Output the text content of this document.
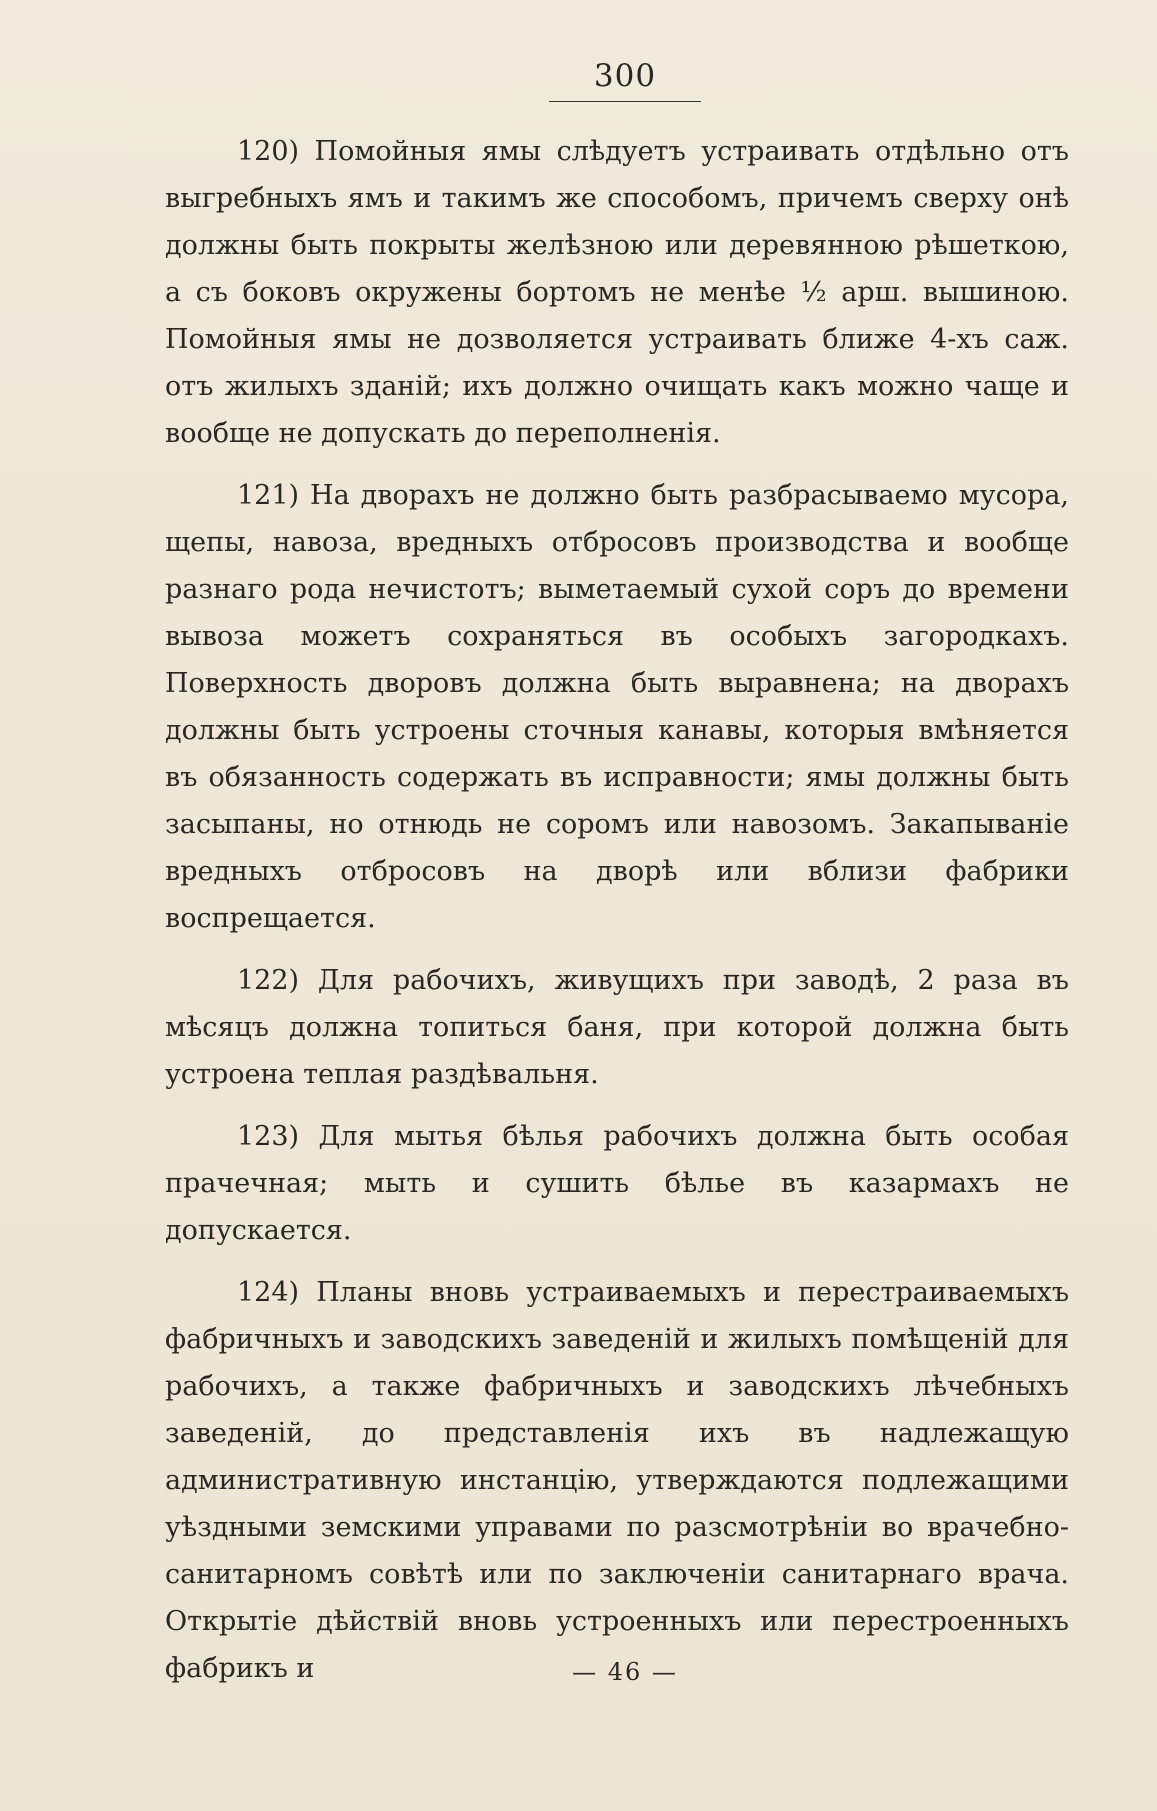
300

120) Помойныя ямы слѣдуетъ устраивать отдѣльно отъ выгребныхъ ямъ и такимъ же способомъ, причемъ сверху онѣ должны быть покрыты желѣзною или деревянною рѣшеткою, а съ боковъ окружены бортомъ не менѣе ½ арш. вышиною. Помойныя ямы не дозволяется устраивать ближе 4-хъ саж. отъ жилыхъ зданій; ихъ должно очищать какъ можно чаще и вообще не допускать до переполненія.

121) На дворахъ не должно быть разбрасываемо мусора, щепы, навоза, вредныхъ отбросовъ производства и вообще разнаго рода нечистотъ; выметаемый сухой соръ до времени вывоза можетъ сохраняться въ особыхъ загородкахъ. Поверхность дворовъ должна быть выравнена; на дворахъ должны быть устроены сточныя канавы, которыя вмѣняется въ обязанность содержать въ исправности; ямы должны быть засыпаны, но отнюдь не соромъ или навозомъ. Закапываніе вредныхъ отбросовъ на дворѣ или вблизи фабрики воспрещается.

122) Для рабочихъ, живущихъ при заводѣ, 2 раза въ мѣсяцъ должна топиться баня, при которой должна быть устроена теплая раздѣвальня.

123) Для мытья бѣлья рабочихъ должна быть особая прачечная; мыть и сушить бѣлье въ казармахъ не допускается.

124) Планы вновь устраиваемыхъ и перестраиваемыхъ фабричныхъ и заводскихъ заведеній и жилыхъ помѣщеній для рабочихъ, а также фабричныхъ и заводскихъ лѣчебныхъ заведеній, до представленія ихъ въ надлежащую административную инстанцію, утверждаются подлежащими уѣздными земскими управами по разсмотрѣніи во врачебно-санитарномъ совѣтѣ или по заключеніи санитарнаго врача. Открытіе дѣйствій вновь устроенныхъ или перестроенныхъ фабрикъ и	— 46 —
